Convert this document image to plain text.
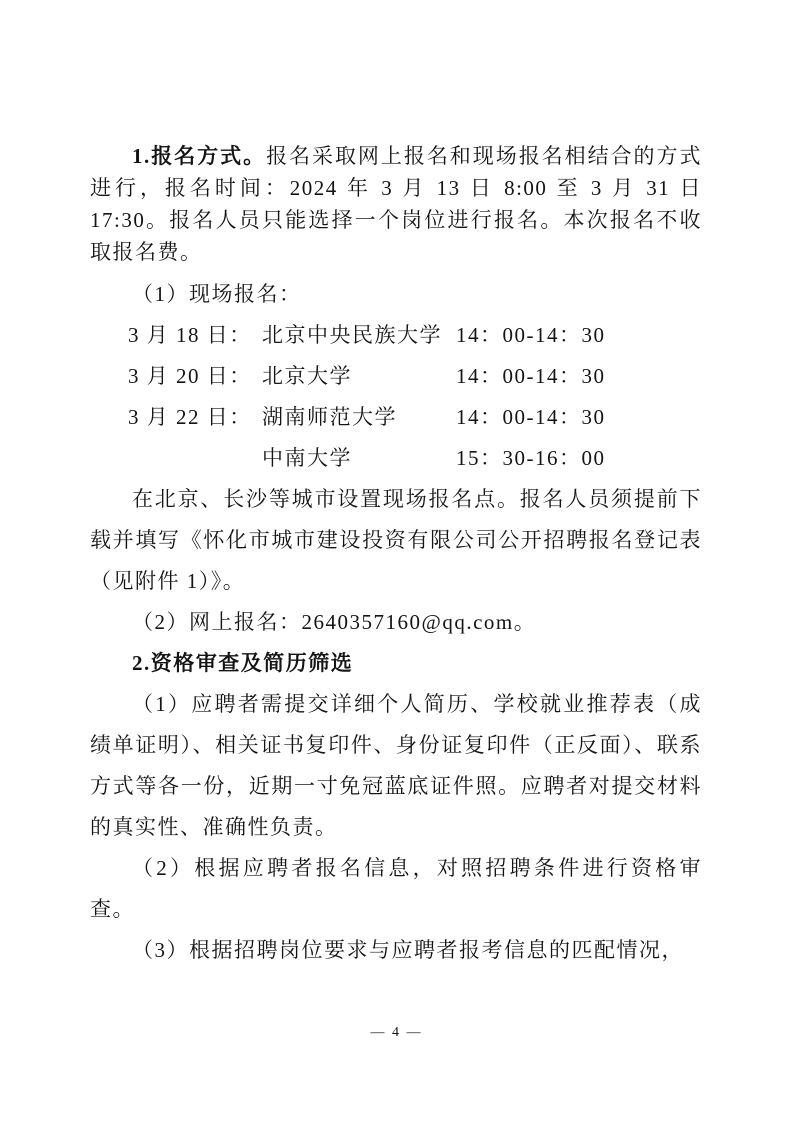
1.报名方式。报名采取网上报名和现场报名相结合的方式进行，报名时间：2024 年 3 月 13 日 8:00 至 3 月 31 日 17:30。报名人员只能选择一个岗位进行报名。本次报名不收取报名费。

（1）现场报名：

3 月 18 日： 北京中央民族大学 14：00-14：30
3 月 20 日： 北京大学	14：00-14：30
3 月 22 日： 湖南师范大学	14：00-14：30
中南大学	15：30-16：00

在北京、长沙等城市设置现场报名点。报名人员须提前下载并填写《怀化市城市建设投资有限公司公开招聘报名登记表（见附件 1）》。

（2）网上报名：2640357160@qq.com。

2.资格审查及简历筛选

（1）应聘者需提交详细个人简历、学校就业推荐表（成绩单证明）、相关证书复印件、身份证复印件（正反面）、联系方式等各一份，近期一寸免冠蓝底证件照。应聘者对提交材料的真实性、准确性负责。

（2）根据应聘者报名信息，对照招聘条件进行资格审查。

（3）根据招聘岗位要求与应聘者报考信息的匹配情况，

— 4 —
